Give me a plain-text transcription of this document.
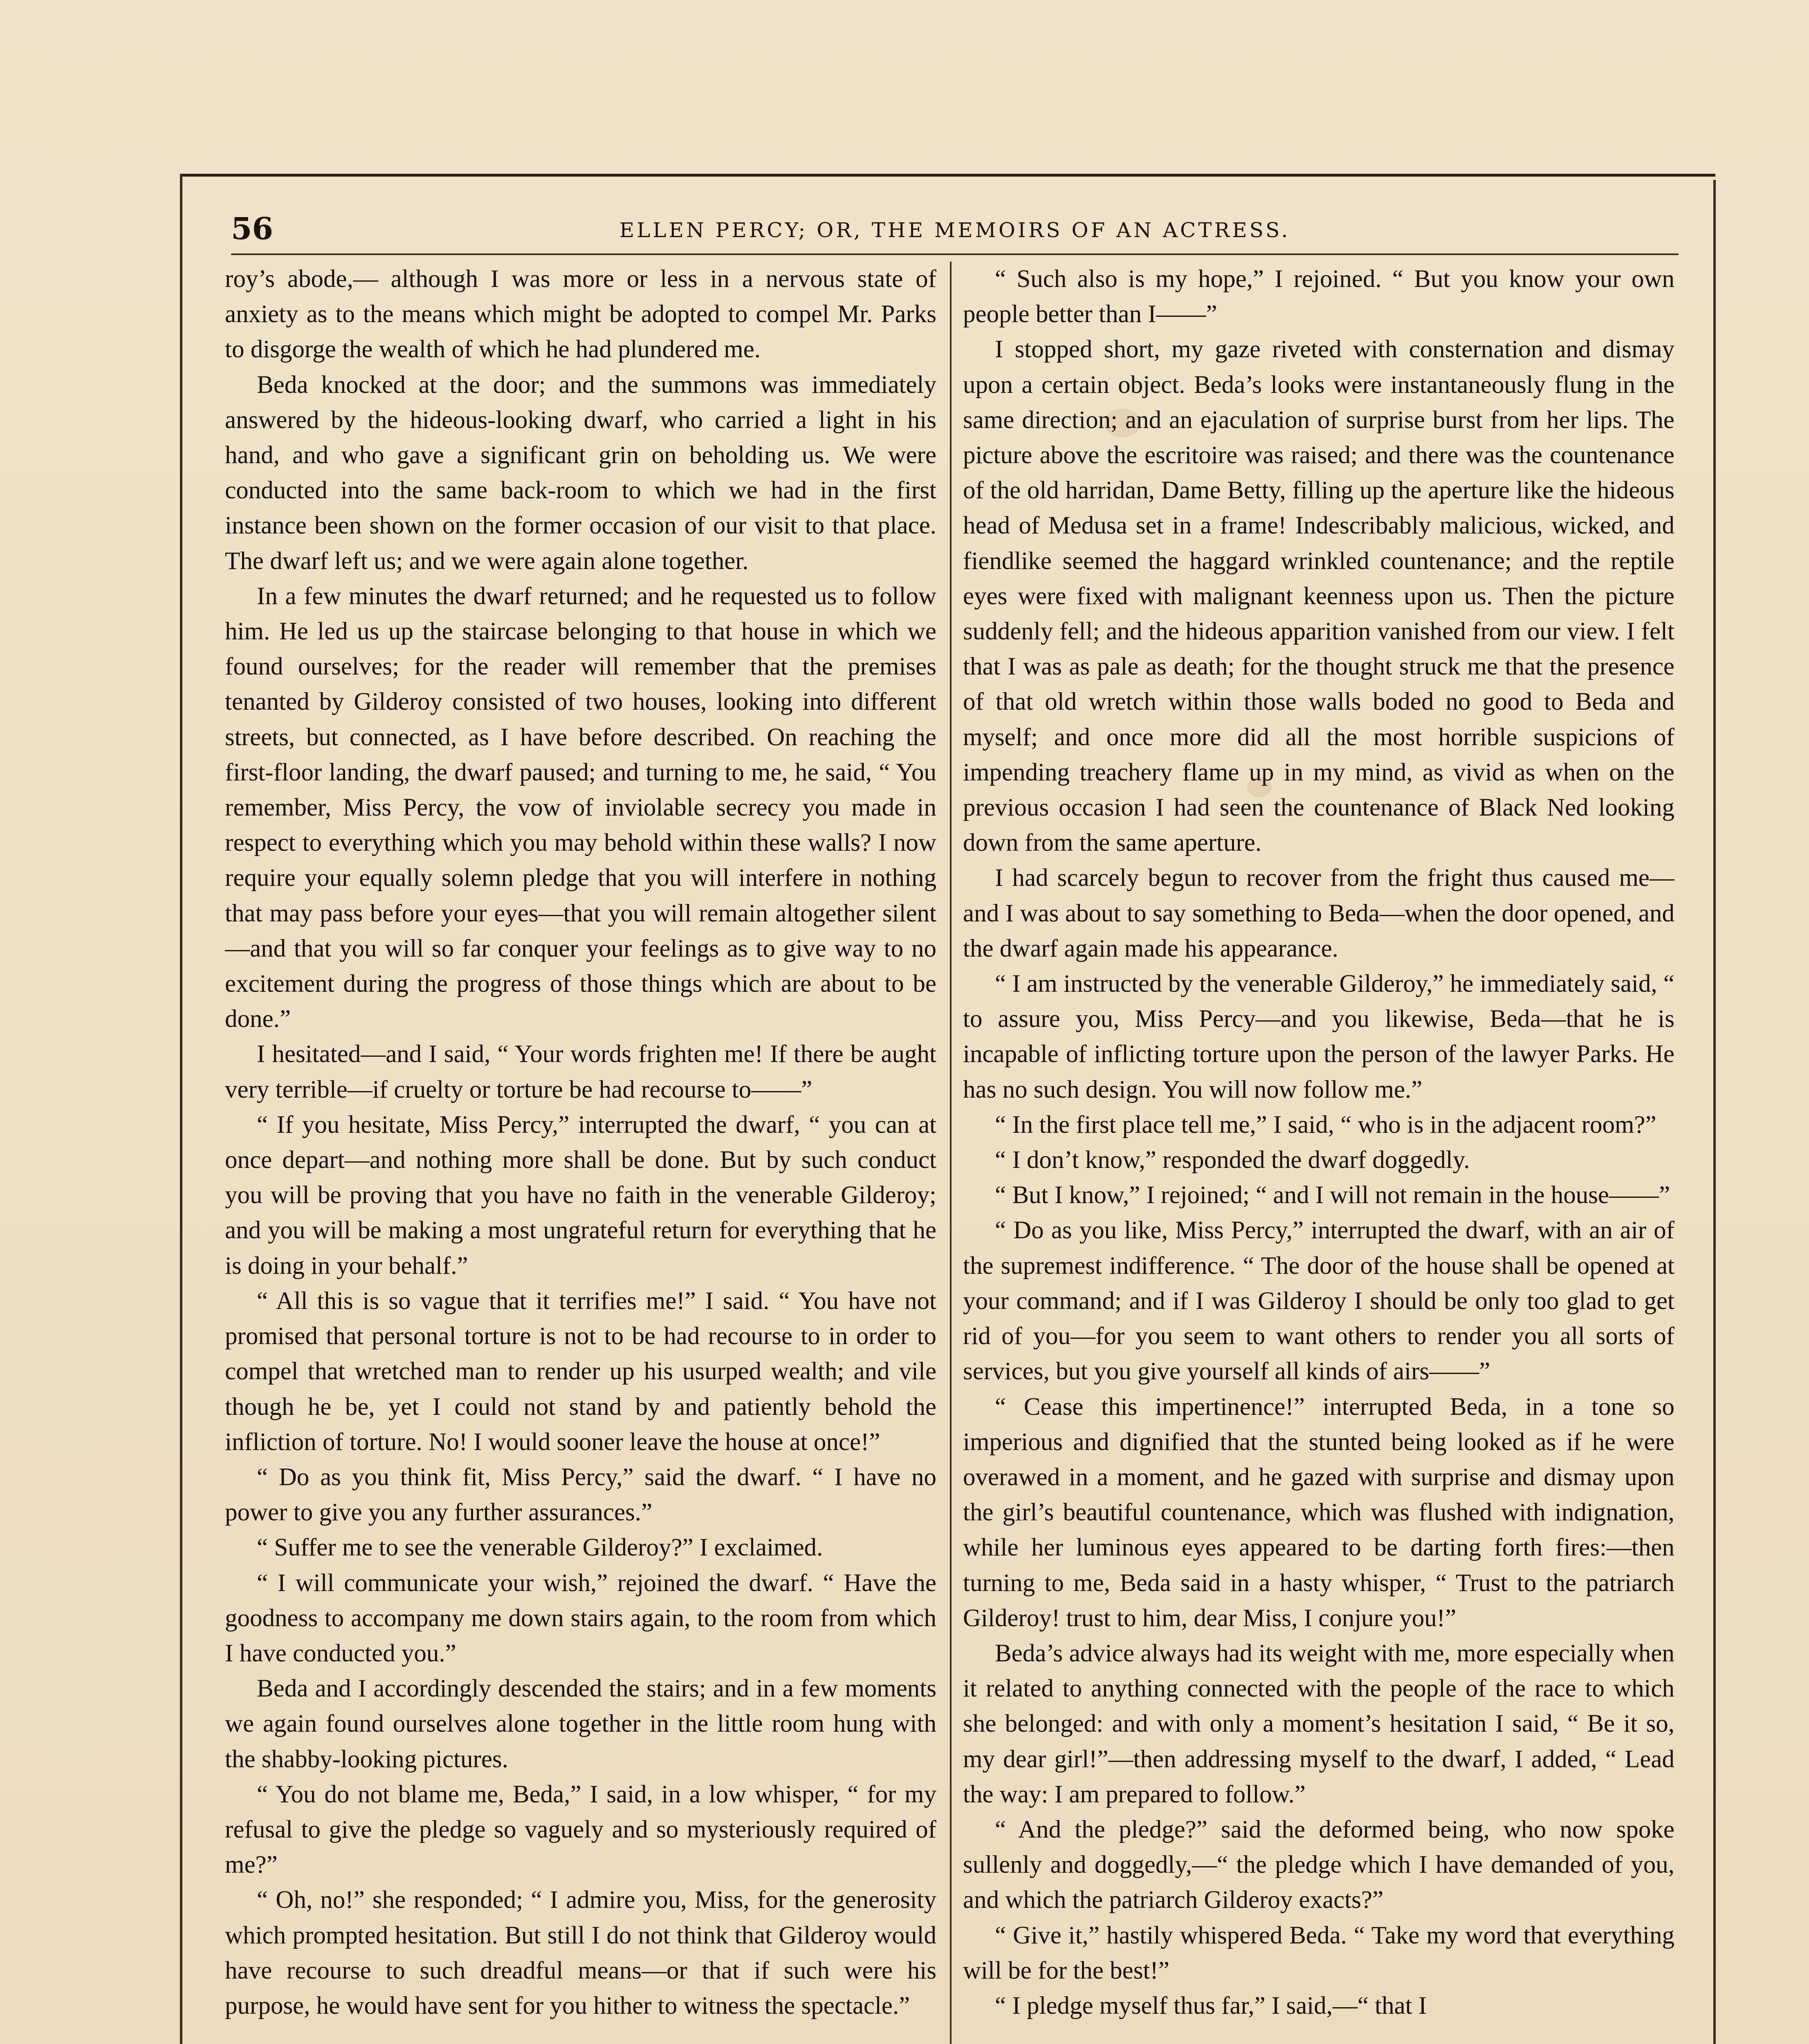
56	ELLEN PERCY; OR, THE MEMOIRS OF AN ACTRESS.

roy’s abode,— although I was more or less in a nervous state of anxiety as to the means which might be adopted to compel Mr. Parks to disgorge the wealth of which he had plundered me.

Beda knocked at the door; and the summons was immediately answered by the hideous-looking dwarf, who carried a light in his hand, and who gave a significant grin on beholding us. We were conducted into the same back-room to which we had in the first instance been shown on the former occasion of our visit to that place. The dwarf left us; and we were again alone together.

In a few minutes the dwarf returned; and he requested us to follow him. He led us up the staircase belonging to that house in which we found ourselves; for the reader will remember that the premises tenanted by Gilderoy consisted of two houses, looking into different streets, but connected, as I have before described. On reaching the first-floor landing, the dwarf paused; and turning to me, he said, “ You remember, Miss Percy, the vow of inviolable secrecy you made in respect to everything which you may behold within these walls? I now require your equally solemn pledge that you will interfere in nothing that may pass before your eyes—that you will remain altogether silent—and that you will so far conquer your feelings as to give way to no excitement during the progress of those things which are about to be done.”

I hesitated—and I said, “ Your words frighten me! If there be aught very terrible—if cruelty or torture be had recourse to——”

“ If you hesitate, Miss Percy,” interrupted the dwarf, “ you can at once depart—and nothing more shall be done. But by such conduct you will be proving that you have no faith in the venerable Gilderoy; and you will be making a most ungrateful return for everything that he is doing in your behalf.”

“ All this is so vague that it terrifies me!” I said. “ You have not promised that personal torture is not to be had recourse to in order to compel that wretched man to render up his usurped wealth; and vile though he be, yet I could not stand by and patiently behold the infliction of torture. No! I would sooner leave the house at once!”

“ Do as you think fit, Miss Percy,” said the dwarf. “ I have no power to give you any further assurances.”

“ Suffer me to see the venerable Gilderoy?” I exclaimed.

“ I will communicate your wish,” rejoined the dwarf. “ Have the goodness to accompany me down stairs again, to the room from which I have conducted you.”

Beda and I accordingly descended the stairs; and in a few moments we again found ourselves alone together in the little room hung with the shabby-looking pictures.

“ You do not blame me, Beda,” I said, in a low whisper, “ for my refusal to give the pledge so vaguely and so mysteriously required of me?”

“ Oh, no!” she responded; “ I admire you, Miss, for the generosity which prompted hesitation. But still I do not think that Gilderoy would have recourse to such dreadful means—or that if such were his purpose, he would have sent for you hither to witness the spectacle.”

“ Such also is my hope,” I rejoined. “ But you know your own people better than I——”

I stopped short, my gaze riveted with consternation and dismay upon a certain object. Beda’s looks were instantaneously flung in the same direction; and an ejaculation of surprise burst from her lips. The picture above the escritoire was raised; and there was the countenance of the old harridan, Dame Betty, filling up the aperture like the hideous head of Medusa set in a frame! Indescribably malicious, wicked, and fiendlike seemed the haggard wrinkled countenance; and the reptile eyes were fixed with malignant keenness upon us. Then the picture suddenly fell; and the hideous apparition vanished from our view. I felt that I was as pale as death; for the thought struck me that the presence of that old wretch within those walls boded no good to Beda and myself; and once more did all the most horrible suspicions of impending treachery flame up in my mind, as vivid as when on the previous occasion I had seen the countenance of Black Ned looking down from the same aperture.

I had scarcely begun to recover from the fright thus caused me—and I was about to say something to Beda—when the door opened, and the dwarf again made his appearance.

“ I am instructed by the venerable Gilderoy,” he immediately said, “ to assure you, Miss Percy—and you likewise, Beda—that he is incapable of inflicting torture upon the person of the lawyer Parks. He has no such design. You will now follow me.”

“ In the first place tell me,” I said, “ who is in the adjacent room?”

“ I don’t know,” responded the dwarf doggedly.

“ But I know,” I rejoined; “ and I will not remain in the house——”

“ Do as you like, Miss Percy,” interrupted the dwarf, with an air of the supremest indifference. “ The door of the house shall be opened at your command; and if I was Gilderoy I should be only too glad to get rid of you—for you seem to want others to render you all sorts of services, but you give yourself all kinds of airs——”

“ Cease this impertinence!” interrupted Beda, in a tone so imperious and dignified that the stunted being looked as if he were overawed in a moment, and he gazed with surprise and dismay upon the girl’s beautiful countenance, which was flushed with indignation, while her luminous eyes appeared to be darting forth fires:—then turning to me, Beda said in a hasty whisper, “ Trust to the patriarch Gilderoy! trust to him, dear Miss, I conjure you!”

Beda’s advice always had its weight with me, more especially when it related to anything connected with the people of the race to which she belonged: and with only a moment’s hesitation I said, “ Be it so, my dear girl!”—then addressing myself to the dwarf, I added, “ Lead the way: I am prepared to follow.”

“ And the pledge?” said the deformed being, who now spoke sullenly and doggedly,—“ the pledge which I have demanded of you, and which the patriarch Gilderoy exacts?”

“ Give it,” hastily whispered Beda. “ Take my word that everything will be for the best!”

“ I pledge myself thus far,” I said,—“ that I
